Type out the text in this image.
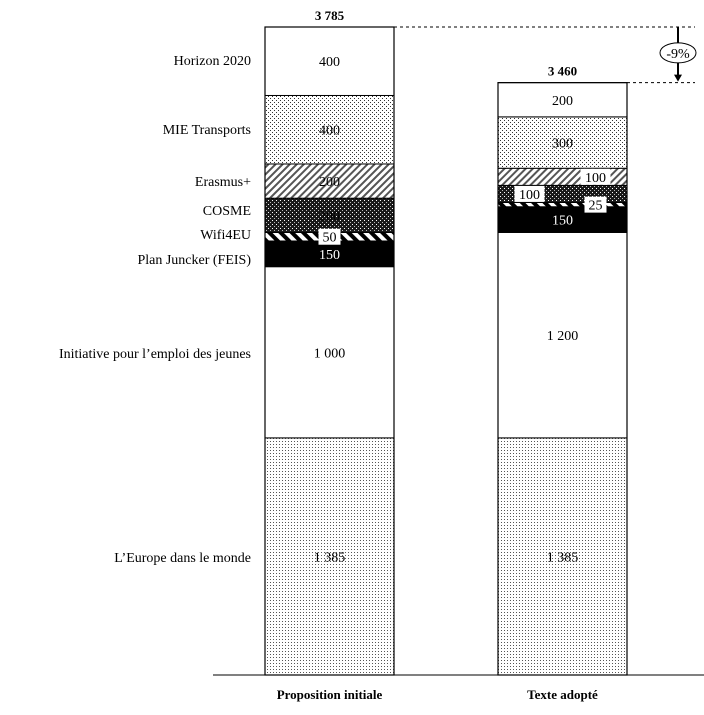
1 385
1 000
150
50
200
200
400
400
1 385
1 200
150
25
100
100
300
200
3 785
3 460
L’Europe dans le monde
Initiative pour l’emploi des jeunes
Plan Juncker (FEIS)
Wifi4EU
COSME
Erasmus+
MIE Transports
Horizon 2020
Proposition initiale	Texte adopté
-9%
